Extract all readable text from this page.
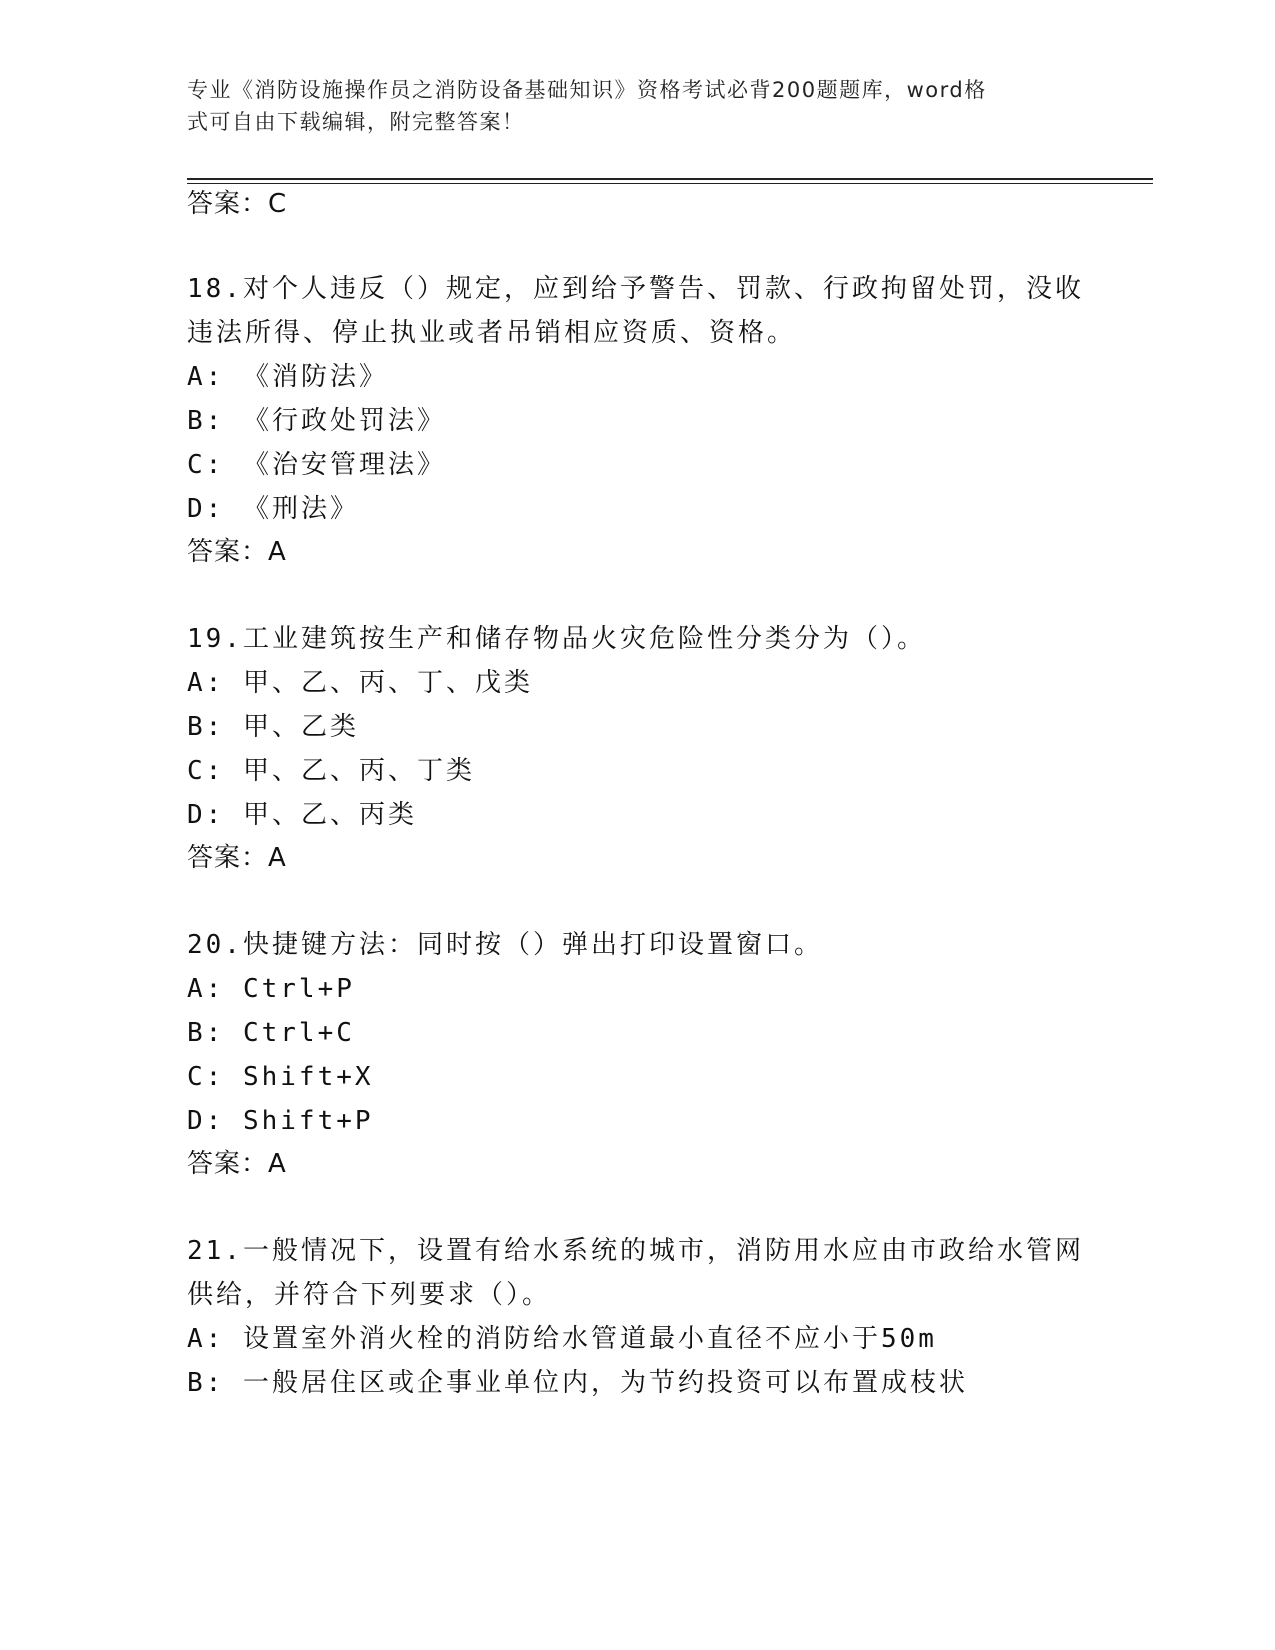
专业《消防设施操作员之消防设备基础知识》资格考试必背200题题库，word格
式可自由下载编辑，附完整答案！
答案：C
18.对个人违反（）规定，应到给予警告、罚款、行政拘留处罚，没收
违法所得、停止执业或者吊销相应资质、资格。
A: 《消防法》
B: 《行政处罚法》
C: 《治安管理法》
D: 《刑法》
答案：A
19.工业建筑按生产和储存物品火灾危险性分类分为（）。
A: 甲、乙、丙、丁、戊类
B: 甲、乙类
C: 甲、乙、丙、丁类
D: 甲、乙、丙类
答案：A
20.快捷键方法：同时按（）弹出打印设置窗口。
A: Ctrl+P
B: Ctrl+C
C: Shift+X
D: Shift+P
答案：A
21.一般情况下，设置有给水系统的城市，消防用水应由市政给水管网
供给，并符合下列要求（）。
A: 设置室外消火栓的消防给水管道最小直径不应小于50m
B: 一般居住区或企事业单位内，为节约投资可以布置成枝状
